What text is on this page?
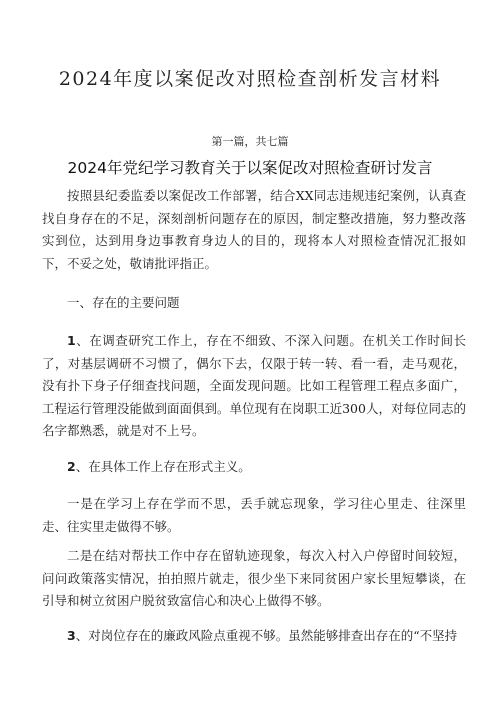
2024年度以案促改对照检查剖析发言材料
第一篇，共七篇
2024年党纪学习教育关于以案促改对照检查研讨发言

按照县纪委监委以案促改工作部署，结合XX同志违规违纪案例，认真查找自身存在的不足，深刻剖析问题存在的原因，制定整改措施，努力整改落实到位，达到用身边事教育身边人的目的，现将本人对照检查情况汇报如下，不妥之处，敬请批评指正。

一、存在的主要问题

1、在调查研究工作上，存在不细致、不深入问题。在机关工作时间长了，对基层调研不习惯了，偶尔下去，仅限于转一转、看一看，走马观花，没有扑下身子仔细查找问题，全面发现问题。比如工程管理工程点多面广，工程运行管理没能做到面面俱到。单位现有在岗职工近300人，对每位同志的名字都熟悉，就是对不上号。

2、在具体工作上存在形式主义。

一是在学习上存在学而不思，丢手就忘现象，学习往心里走、往深里走、往实里走做得不够。

二是在结对帮扶工作中存在留轨迹现象，每次入村入户停留时间较短，问问政策落实情况，拍拍照片就走，很少坐下来同贫困户家长里短攀谈，在引导和树立贫困户脱贫致富信心和决心上做得不够。

3、对岗位存在的廉政风险点重视不够。虽然能够排查出存在的“不坚持
